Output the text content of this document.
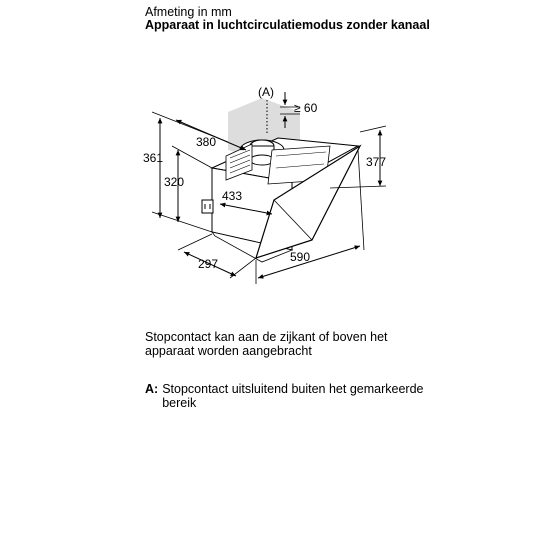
Afmeting in mm
Apparaat in luchtcirculatiemodus zonder kanaal
(A)
≥ 60
361
320
380
377
433
297	590
Stopcontact kan aan de zijkant of boven het apparaat worden aangebracht
A: Stopcontact uitsluitend buiten het gemarkeerde bereik
